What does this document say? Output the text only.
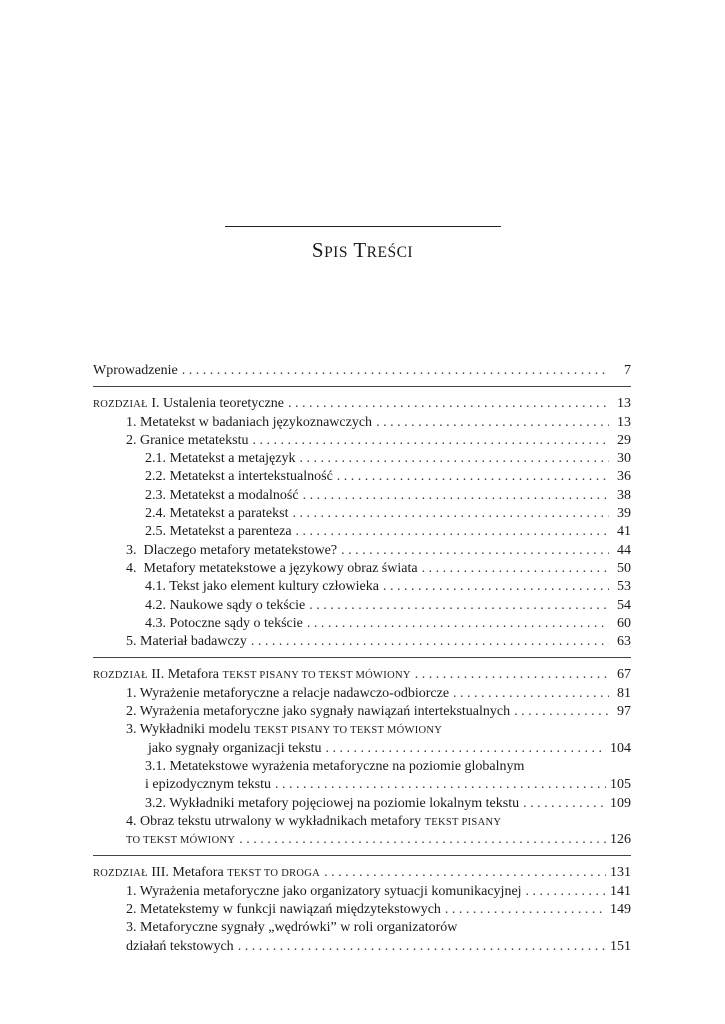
SPIS TREŚCI
Wprowadzenie . . .	7
ROZDZIAŁ I. Ustalenia teoretyczne . . .	13
1. Metatekst w badaniach językoznawczych . . .	13
2. Granice metatekstu . . .	29
2.1. Metatekst a metajęzyk . . .	30
2.2. Metatekst a intertekstualność . . .	36
2.3. Metatekst a modalność . . .	38
2.4. Metatekst a paratekst . . .	39
2.5. Metatekst a parenteza . . .	41
3.  Dlaczego metafory metatekstowe? . . .	44
4.  Metafory metatekstowe a językowy obraz świata . . .	50
4.1. Tekst jako element kultury człowieka . . .	53
4.2. Naukowe sądy o tekście . . .	54
4.3. Potoczne sądy o tekście . . .	60
5. Materiał badawczy . . .	63
ROZDZIAŁ II. Metafora TEKST PISANY TO TEKST MÓWIONY . . .	67
1. Wyrażenie metaforyczne a relacje nadawczo-odbiorcze . . .	81
2. Wyrażenia metaforyczne jako sygnały nawiązań intertekstualnych . . .	97
3. Wykładniki modelu TEKST PISANY TO TEKST MÓWIONY
jako sygnały organizacji tekstu . . .	104
3.1. Metatekstowe wyrażenia metaforyczne na poziomie globalnym
i epizodycznym tekstu . . .	105
3.2. Wykładniki metafory pojęciowej na poziomie lokalnym tekstu . . .	109
4. Obraz tekstu utrwalony w wykładnikach metafory TEKST PISANY
TO TEKST MÓWIONY . . .	126
ROZDZIAŁ III. Metafora TEKST TO DROGA . . .	131
1. Wyrażenia metaforyczne jako organizatory sytuacji komunikacyjnej . . .	141
2. Metatekstemy w funkcji nawiązań międzytekstowych . . .	149
3. Metaforyczne sygnały „wędrówki” w roli organizatorów
działań tekstowych . . .	151
